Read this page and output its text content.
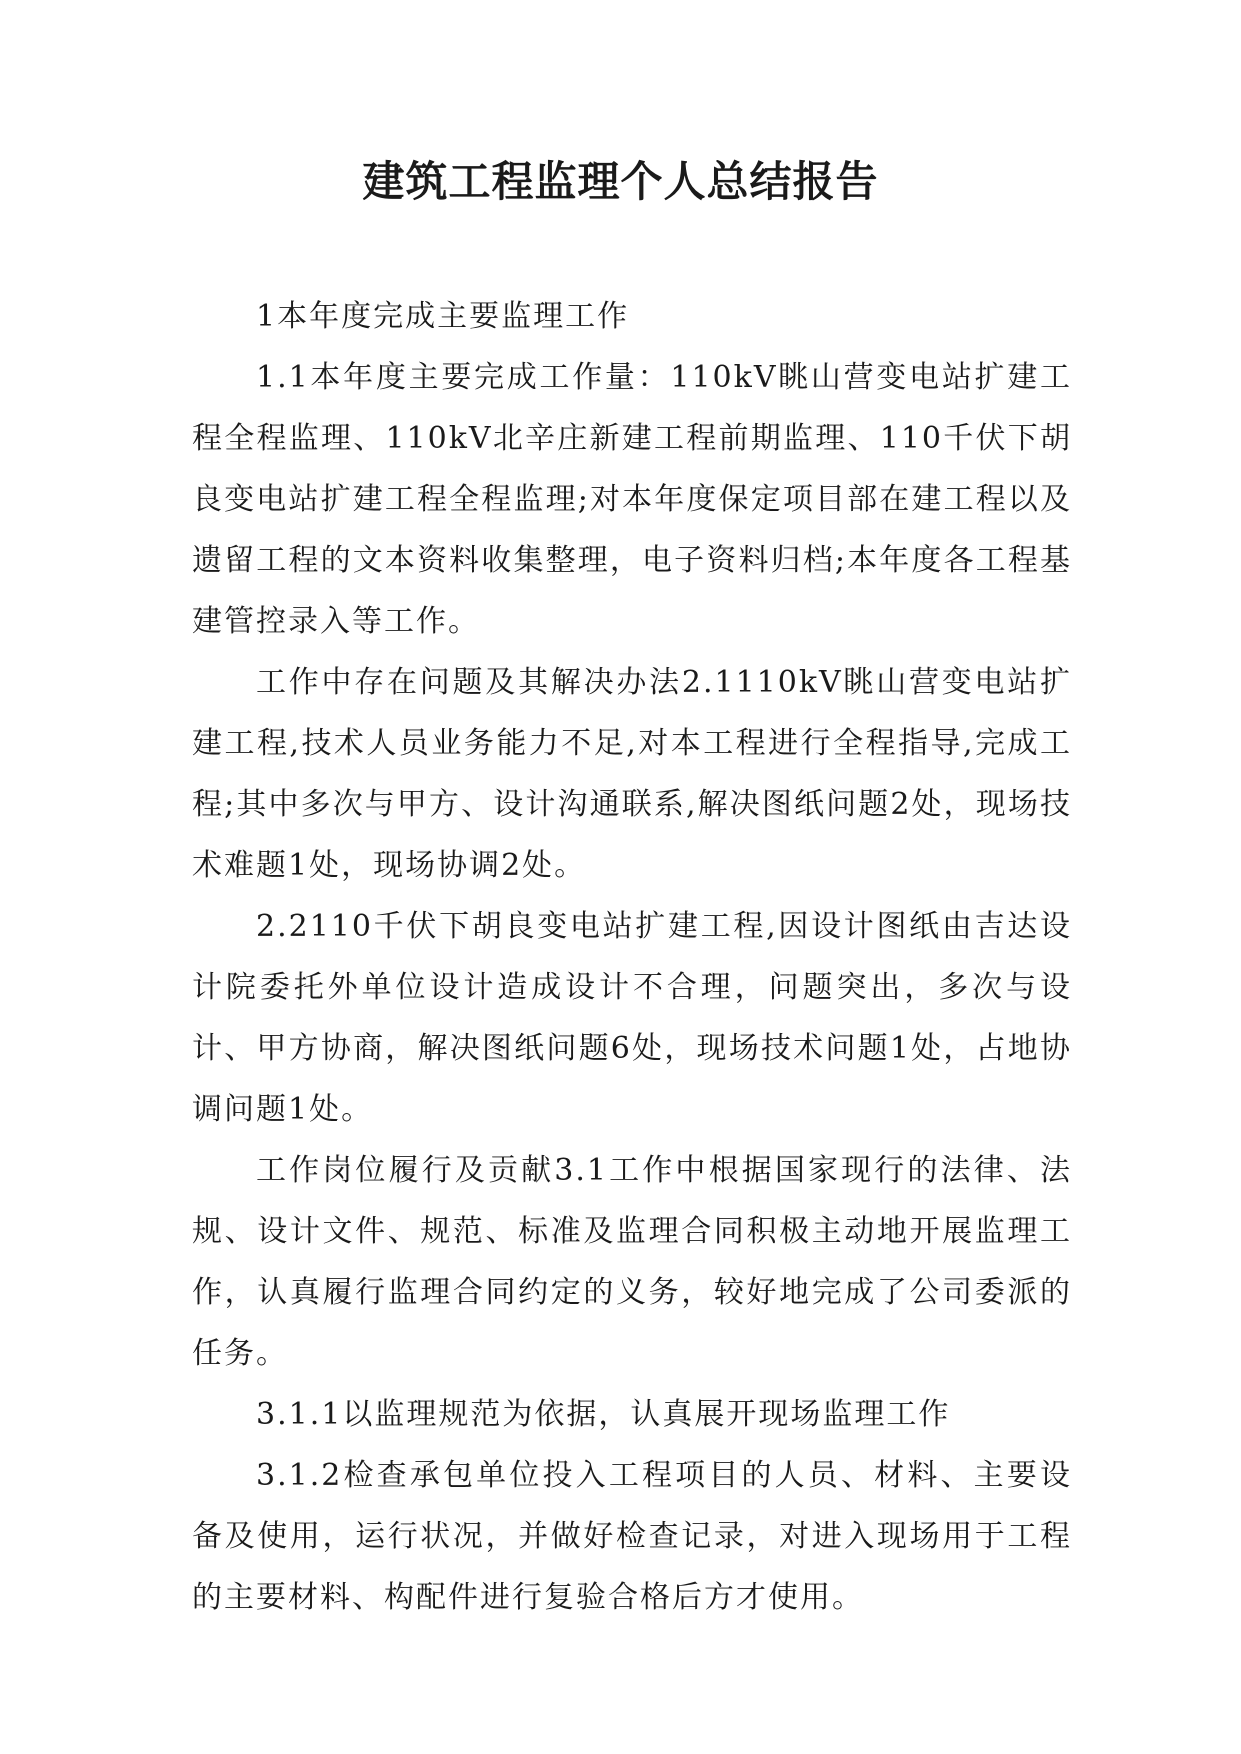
建筑工程监理个人总结报告

1本年度完成主要监理工作

1.1本年度主要完成工作量：110kV眺山营变电站扩建工程全程监理、110kV北辛庄新建工程前期监理、110千伏下胡良变电站扩建工程全程监理;对本年度保定项目部在建工程以及遗留工程的文本资料收集整理，电子资料归档;本年度各工程基建管控录入等工作。

工作中存在问题及其解决办法2.1110kV眺山营变电站扩建工程,技术人员业务能力不足,对本工程进行全程指导,完成工程;其中多次与甲方、设计沟通联系,解决图纸问题2处，现场技术难题1处，现场协调2处。

2.2110千伏下胡良变电站扩建工程,因设计图纸由吉达设计院委托外单位设计造成设计不合理，问题突出，多次与设计、甲方协商，解决图纸问题6处，现场技术问题1处，占地协调问题1处。

工作岗位履行及贡献3.1工作中根据国家现行的法律、法规、设计文件、规范、标准及监理合同积极主动地开展监理工作，认真履行监理合同约定的义务，较好地完成了公司委派的任务。

3.1.1以监理规范为依据，认真展开现场监理工作

3.1.2检查承包单位投入工程项目的人员、材料、主要设备及使用，运行状况，并做好检查记录，对进入现场用于工程的主要材料、构配件进行复验合格后方才使用。
